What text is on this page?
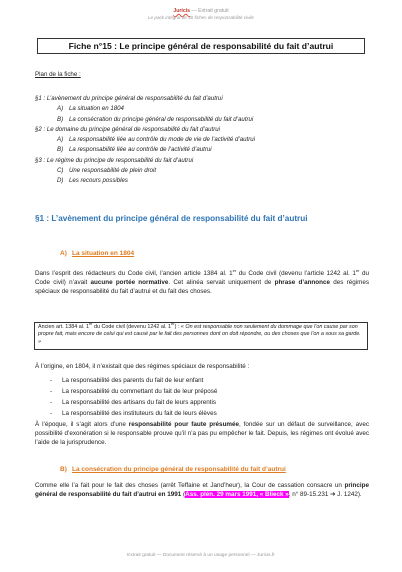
Juricis — Extrait gratuit
Le pack intégral de 30 fiches de responsabilité civile
Fiche n°15 : Le principe général de responsabilité du fait d’autrui
Plan de la fiche :
§1 : L’avènement du principe général de responsabilité du fait d’autrui
A) La situation en 1804
B) La consécration du principe général de responsabilité du fait d’autrui
§2 : Le domaine du principe général de responsabilité du fait d’autrui
A) La responsabilité liée au contrôle du mode de vie de l’activité d’autrui
B) La responsabilité liée au contrôle de l’activité d’autrui
§3 : Le régime du principe de responsabilité du fait d’autrui
C) Une responsabilité de plein droit
D) Les recours possibles
§1 : L’avènement du principe général de responsabilité du fait d’autrui
A) La situation en 1804
Dans l’esprit des rédacteurs du Code civil, l’ancien article 1384 al. 1er du Code civil (devenu l’article 1242 al. 1er du Code civil) n’avait aucune portée normative. Cet alinéa servait uniquement de phrase d’annonce des régimes spéciaux de responsabilité du fait d’autrui et du fait des choses.
Ancien art. 1384 al. 1er du Code civil (devenu 1242 al. 1er) : « On est responsable non seulement du dommage que l’on cause par son propre fait, mais encore de celui qui est causé par le fait des personnes dont on doit répondre, ou des choses que l’on a sous sa garde. »
À l’origine, en 1804, il n’existait que des régimes spéciaux de responsabilité :
- La responsabilité des parents du fait de leur enfant
- La responsabilité du commettant du fait de leur préposé
- La responsabilité des artisans du fait de leurs apprentis
- La responsabilité des instituteurs du fait de leurs élèves
À l’époque, il s’agit alors d’une responsabilité pour faute présumée, fondée sur un défaut de surveillance, avec possibilité d’exonération si le responsable prouve qu’il n’a pas pu empêcher le fait. Depuis, les régimes ont évolué avec l’aide de la jurisprudence.
B) La consécration du principe général de responsabilité du fait d’autrui
Comme elle l’a fait pour le fait des choses (arrêt Teffaine et Jand’heur), la Cour de cassation consacre un principe général de responsabilité du fait d’autrui en 1991 (Ass. plén. 29 mars 1991, « Blieck », n° 89-15.231 ➔ J. 1242).
Extrait gratuit — Document réservé à un usage personnel — Juricis.fr
